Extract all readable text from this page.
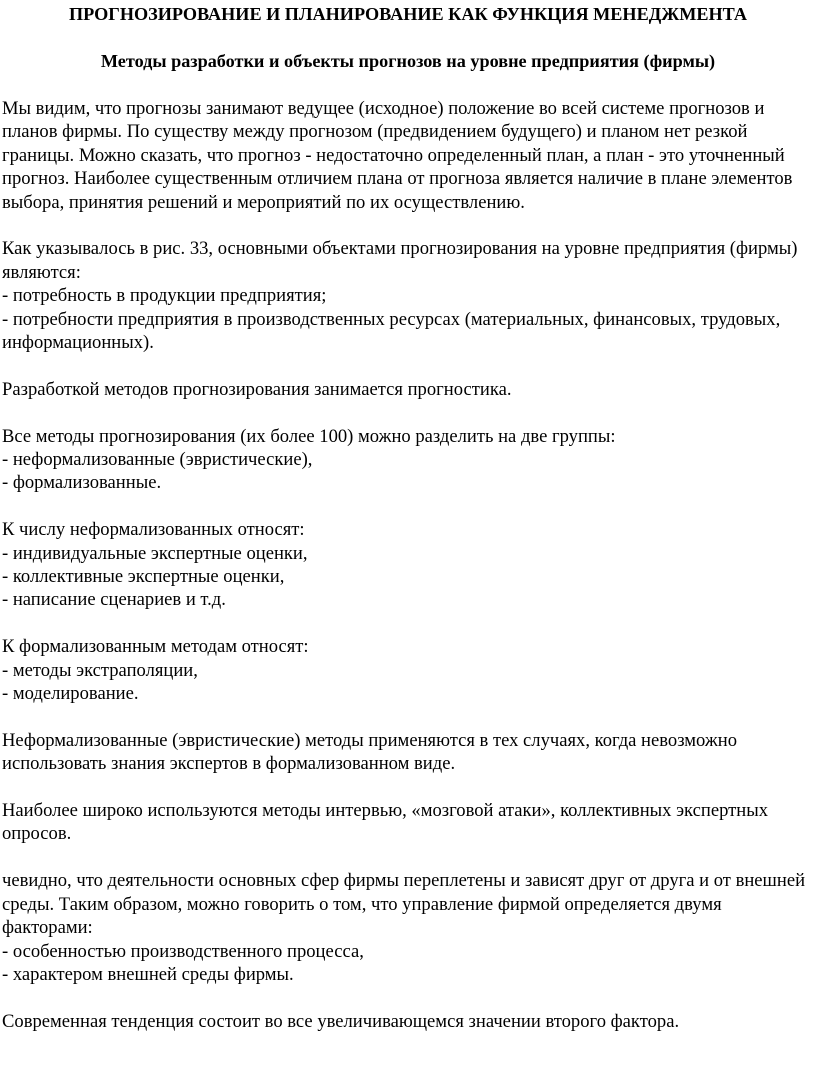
ПРОГНОЗИРОВАНИЕ И ПЛАНИРОВАНИЕ КАК ФУНКЦИЯ МЕНЕДЖМЕНТА

Методы разработки и объекты прогнозов на уровне предприятия (фирмы)

Мы видим, что прогнозы занимают ведущее (исходное) положение во всей системе прогнозов и планов фирмы. По существу между прогнозом (предвидением будущего) и планом нет резкой границы. Можно сказать, что прогноз - недостаточно определенный план, а план - это уточненный прогноз. Наиболее существенным отличием плана от прогноза является наличие в плане элементов выбора, принятия решений и мероприятий по их осуществлению.

Как указывалось в рис. 33, основными объектами прогнозирования на уровне предприятия (фирмы) являются:
- потребность в продукции предприятия;
- потребности предприятия в производственных ресурсах (материальных, финансовых, трудовых, информационных).

Разработкой методов прогнозирования занимается прогностика.

Все методы прогнозирования (их более 100) можно разделить на две группы:
- неформализованные (эвристические),
- формализованные.
К числу неформализованных относят:
- индивидуальные экспертные оценки,
- коллективные экспертные оценки,
- написание сценариев и т.д.
К формализованным методам относят:
- методы экстраполяции,
- моделирование.

Неформализованные (эвристические) методы применяются в тех случаях, когда невозможно использовать знания экспертов в формализованном виде.

Наиболее широко используются методы интервью, «мозговой атаки», коллективных экспертных опросов.

чевидно, что деятельности основных сфер фирмы переплетены и зависят друг от друга и от внешней среды. Таким образом, можно говорить о том, что управление фирмой определяется двумя факторами:
- особенностью производственного процесса,
- характером внешней среды фирмы.

Современная тенденция состоит во все увеличивающемся значении второго фактора.
